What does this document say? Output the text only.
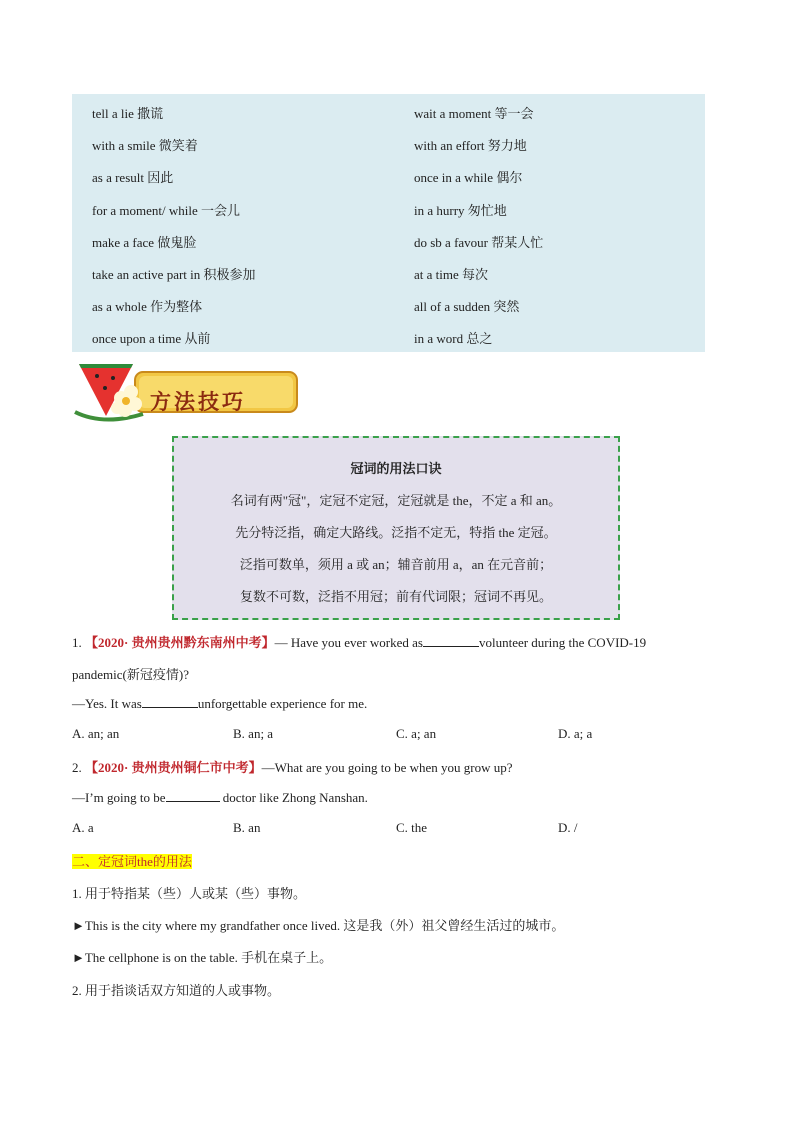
tell a lie 撒谎	wait a moment 等一会
with a smile 微笑着	with an effort 努力地
as a result 因此	once in a while 偶尔
for a moment/ while 一会儿	in a hurry 匆忙地
make a face 做鬼脸	do sb a favour 帮某人忙
take an active part in 积极参加	at a time 每次
as a whole 作为整体	all of a sudden 突然
once upon a time 从前	in a word 总之
方法技巧
冠词的用法口诀
名词有两"冠"，定冠不定冠，定冠就是 the，不定 a 和 an。
先分特泛指，确定大路线。泛指不定无，特指 the 定冠。
泛指可数单，须用 a 或 an；辅音前用 a，an 在元音前；
复数不可数，泛指不用冠；前有代词限；冠词不再见。
1. 【2020· 贵州贵州黔东南州中考】— Have you ever worked as	volunteer during the COVID-19
pandemic(新冠疫情)?
—Yes. It was	unforgettable experience for me.
A. an; an	B. an; a	C. a; an	D. a; a
2. 【2020· 贵州贵州铜仁市中考】—What are you going to be when you grow up?
—I’m going to be	doctor like Zhong Nanshan.
A. a	B. an	C. the	D. /
二、定冠词the的用法
1. 用于特指某（些）人或某（些）事物。
►This is the city where my grandfather once lived. 这是我（外）祖父曾经生活过的城市。
►The cellphone is on the table. 手机在桌子上。
2. 用于指谈话双方知道的人或事物。
